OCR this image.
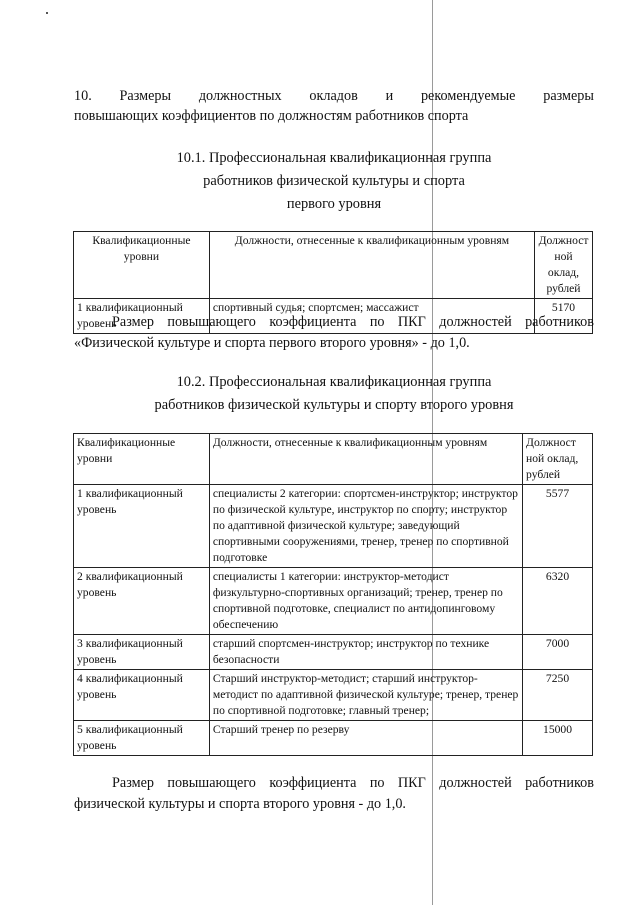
10. Размеры должностных окладов и рекомендуемые размеры
повышающих коэффициентов по должностям работников спорта
10.1. Профессиональная квалификационная группа
работников физической культуры и спорта
первого уровня
Квалификационные уровни	Должности, отнесенные к квалификационным уровням	Должност ной оклад, рублей
1 квалификационный уровень	спортивный судья; спортсмен; массажист	5170
Размер повышающего коэффициента по ПКГ должностей работников
«Физической культуре и спорта первого второго уровня» - до 1,0.
10.2. Профессиональная квалификационная группа
работников физической культуры и спорту второго уровня
Квалификационные уровни	Должности, отнесенные к квалификационным уровням	Должност ной оклад, рублей
1 квалификационный уровень	специалисты 2 категории: спортсмен-инструктор; инструктор по физической культуре, инструктор по спорту; инструктор по адаптивной физической культуре; заведующий спортивными сооружениями, тренер, тренер по спортивной подготовке	5577
2 квалификационный уровень	специалисты 1 категории: инструктор-методист физкультурно-спортивных организаций; тренер, тренер по спортивной подготовке, специалист по антидопинговому обеспечению	6320
3 квалификационный уровень	старший спортсмен-инструктор; инструктор по технике безопасности	7000
4 квалификационный уровень	Старший инструктор-методист; старший инструктор-методист по адаптивной физической культуре; тренер, тренер по спортивной подготовке; главный тренер;	7250
5 квалификационный уровень	Старший тренер по резерву	15000
Размер повышающего коэффициента по ПКГ должностей работников
физической культуры и спорта второго уровня - до 1,0.
